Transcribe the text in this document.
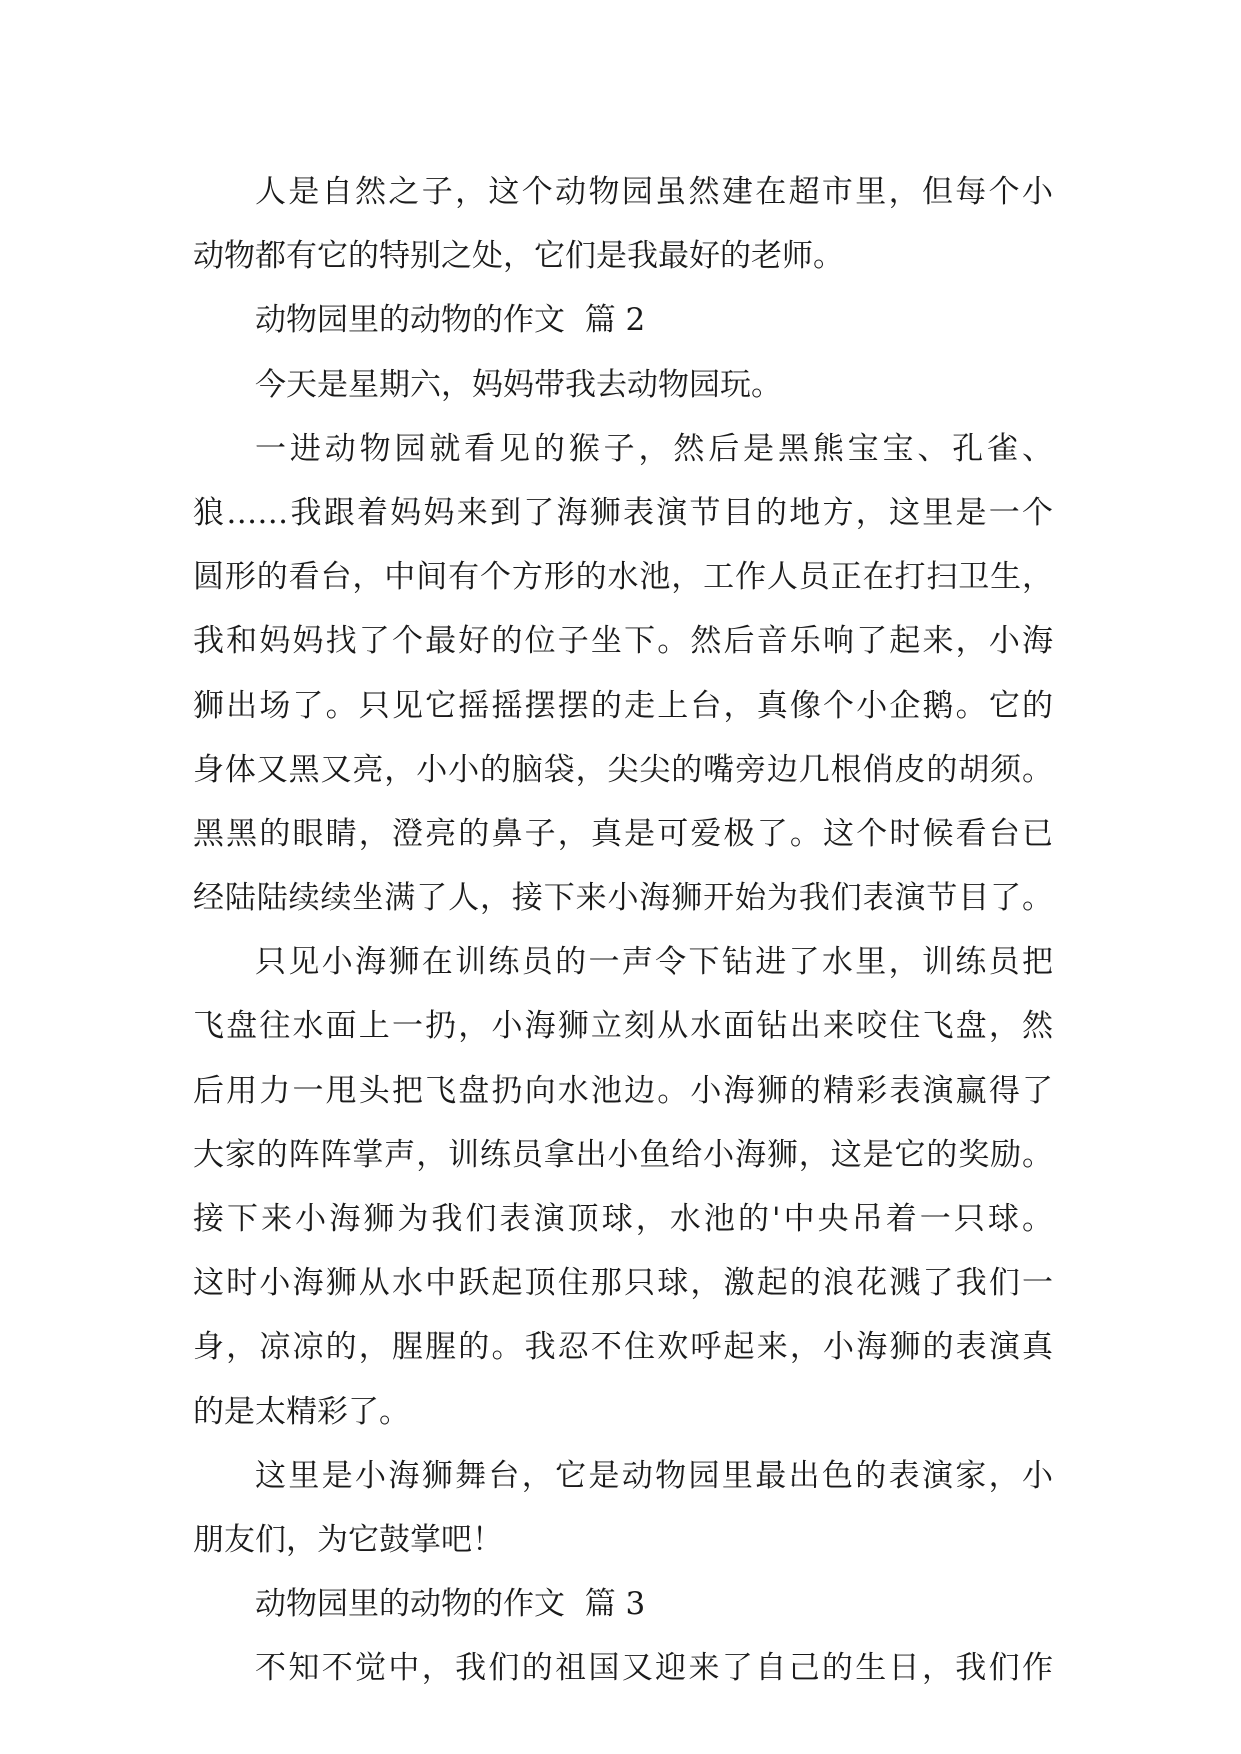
人是自然之子，这个动物园虽然建在超市里，但每个小
动物都有它的特别之处，它们是我最好的老师。
动物园里的动物的作文  篇 2
今天是星期六，妈妈带我去动物园玩。
一进动物园就看见的猴子，然后是黑熊宝宝、孔雀、
狼……我跟着妈妈来到了海狮表演节目的地方，这里是一个
圆形的看台，中间有个方形的水池，工作人员正在打扫卫生，
我和妈妈找了个最好的位子坐下。然后音乐响了起来，小海
狮出场了。只见它摇摇摆摆的走上台，真像个小企鹅。它的
身体又黑又亮，小小的脑袋，尖尖的嘴旁边几根俏皮的胡须。
黑黑的眼睛，澄亮的鼻子，真是可爱极了。这个时候看台已
经陆陆续续坐满了人，接下来小海狮开始为我们表演节目了。
只见小海狮在训练员的一声令下钻进了水里，训练员把
飞盘往水面上一扔，小海狮立刻从水面钻出来咬住飞盘，然
后用力一甩头把飞盘扔向水池边。小海狮的精彩表演赢得了
大家的阵阵掌声，训练员拿出小鱼给小海狮，这是它的奖励。
接下来小海狮为我们表演顶球，水池的'中央吊着一只球。
这时小海狮从水中跃起顶住那只球，激起的浪花溅了我们一
身，凉凉的，腥腥的。我忍不住欢呼起来，小海狮的表演真
的是太精彩了。
这里是小海狮舞台，它是动物园里最出色的表演家，小
朋友们，为它鼓掌吧！
动物园里的动物的作文  篇 3
不知不觉中，我们的祖国又迎来了自己的生日，我们作
